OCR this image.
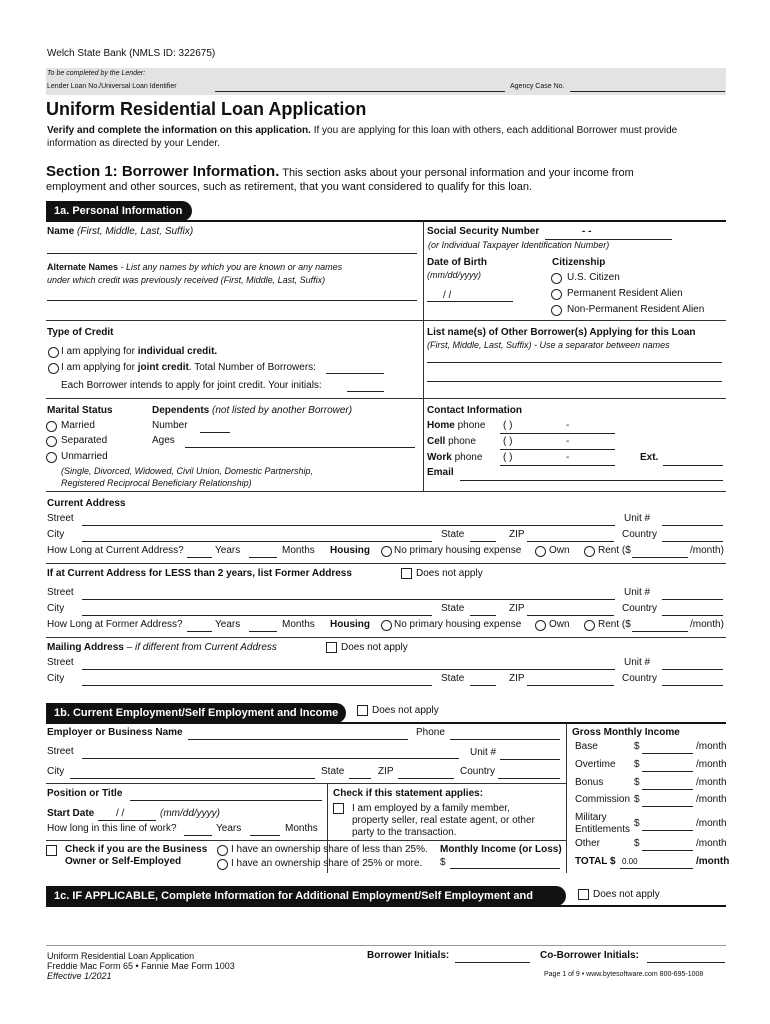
Welch State Bank (NMLS ID: 322675)
To be completed by the Lender:
Lender Loan No./Universal Loan Identifier	Agency Case No.
Uniform Residential Loan Application
Verify and complete the information on this application. If you are applying for this loan with others, each additional Borrower must provide
information as directed by your Lender.
Section 1: Borrower Information. This section asks about your personal information and your income from
employment and other sources, such as retirement, that you want considered to qualify for this loan.
1a. Personal Information
Name (First, Middle, Last, Suffix)	Social Security Number	- -
(or Individual Taxpayer Identification Number)
Alternate Names - List any names by which you are known or any names
under which credit was previously received (First, Middle, Last, Suffix)
Date of Birth
(mm/dd/yyyy)
/ /
Citizenship
U.S. Citizen
Permanent Resident Alien
Non-Permanent Resident Alien
Type of Credit
I am applying for individual credit.
I am applying for joint credit. Total Number of Borrowers:
Each Borrower intends to apply for joint credit. Your initials:
List name(s) of Other Borrower(s) Applying for this Loan
(First, Middle, Last, Suffix) - Use a separator between names
Marital Status
Married
Separated
Unmarried
(Single, Divorced, Widowed, Civil Union, Domestic Partnership,
Registered Reciprocal Beneficiary Relationship)
Dependents (not listed by another Borrower)
Number
Ages
Contact Information
Home phone ( )	-
Cell phone	( )	-
Work phone ( )	-	Ext.
Email
Current Address
Street	Unit #
City	State	ZIP	Country
How Long at Current Address?	Years	Months Housing No primary housing expense	Own	Rent ($	/month)
If at Current Address for LESS than 2 years, list Former Address	Does not apply
Street	Unit #
City	State	ZIP	Country
How Long at Former Address?	Years	Months Housing No primary housing expense	Own	Rent ($	/month)
Mailing Address – if different from Current Address	Does not apply
Street	Unit #
City	State	ZIP	Country
1b. Current Employment/Self Employment and Income	Does not apply
Employer or Business Name	Phone
Street	Unit #
City	State	ZIP	Country
Position or Title
Start Date / /	(mm/dd/yyyy)
How long in this line of work?	Years	Months
Check if this statement applies:
I am employed by a family member,
property seller, real estate agent, or other
party to the transaction.
Check if you are the Business
Owner or Self-Employed
I have an ownership share of less than 25%.
I have an ownership share of 25% or more.
Monthly Income (or Loss)
$
Gross Monthly Income
Base	$	/month
Overtime $	/month
Bonus	$	/month
Commission $	/month
Military
Entitlements
$	/month
Other	$	/month
TOTAL $ 0.00	/month
1c. IF APPLICABLE, Complete Information for Additional Employment/Self Employment and Income
Does not apply
Uniform Residential Loan Application
Freddie Mac Form 65 • Fannie Mae Form 1003
Effective 1/2021
Borrower Initials:	Co-Borrower Initials:
Page 1 of 9 • www.bytesoftware.com 800-695-1008
